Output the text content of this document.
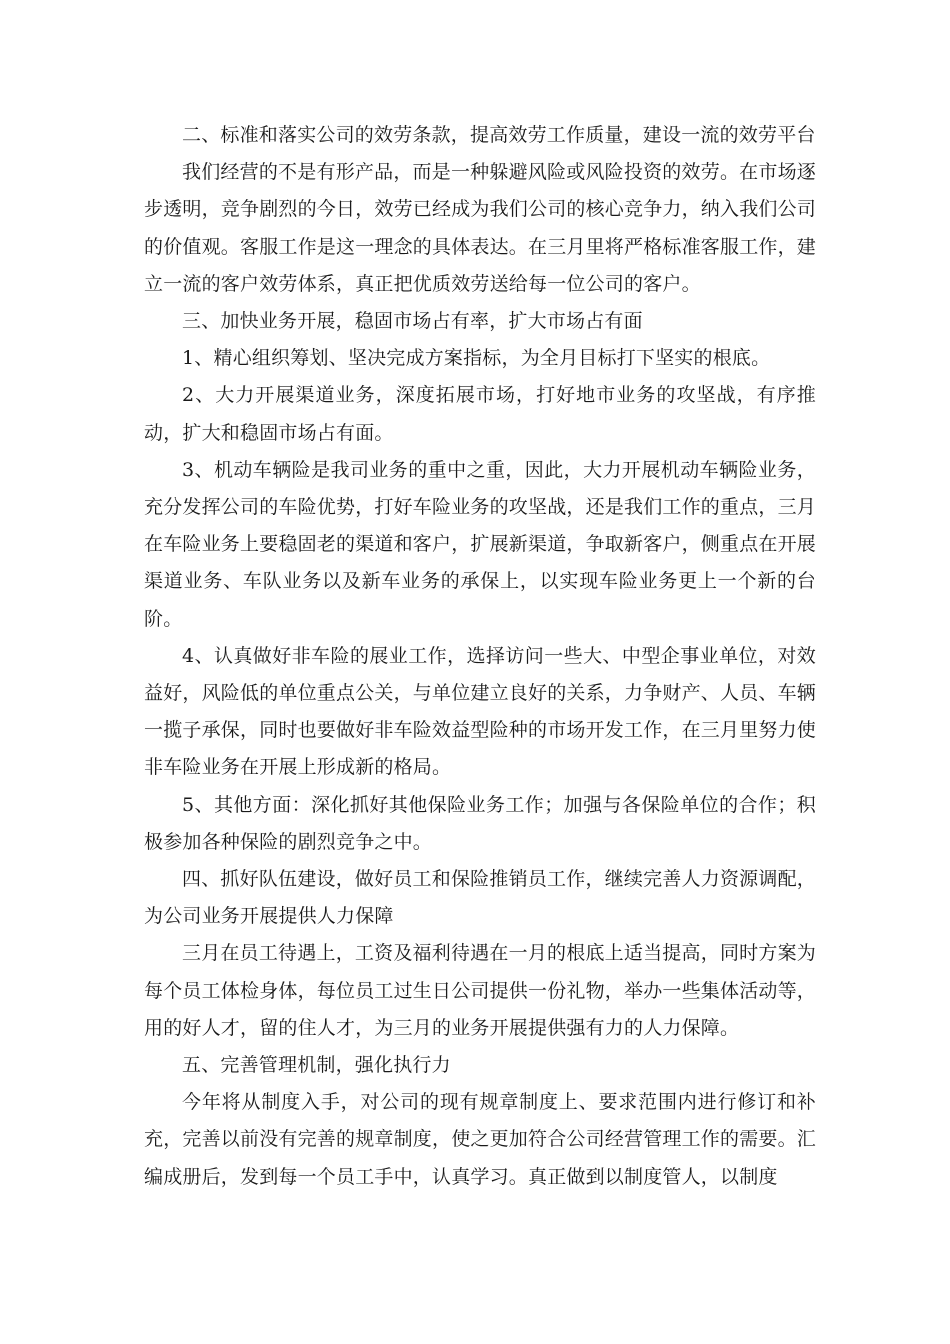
二、标准和落实公司的效劳条款，提高效劳工作质量，建设一流的效劳平台

我们经营的不是有形产品，而是一种躲避风险或风险投资的效劳。在市场逐步透明，竞争剧烈的今日，效劳已经成为我们公司的核心竞争力，纳入我们公司的价值观。客服工作是这一理念的具体表达。在三月里将严格标准客服工作，建立一流的客户效劳体系，真正把优质效劳送给每一位公司的客户。

三、加快业务开展，稳固市场占有率，扩大市场占有面

1、精心组织筹划、坚决完成方案指标，为全月目标打下坚实的根底。

2、大力开展渠道业务，深度拓展市场，打好地市业务的攻坚战，有序推动，扩大和稳固市场占有面。

3、机动车辆险是我司业务的重中之重，因此，大力开展机动车辆险业务，充分发挥公司的车险优势，打好车险业务的攻坚战，还是我们工作的重点，三月在车险业务上要稳固老的渠道和客户，扩展新渠道，争取新客户，侧重点在开展渠道业务、车队业务以及新车业务的承保上，以实现车险业务更上一个新的台阶。

4、认真做好非车险的展业工作，选择访问一些大、中型企事业单位，对效益好，风险低的单位重点公关，与单位建立良好的关系，力争财产、人员、车辆一揽子承保，同时也要做好非车险效益型险种的市场开发工作，在三月里努力使非车险业务在开展上形成新的格局。

5、其他方面：深化抓好其他保险业务工作；加强与各保险单位的合作；积极参加各种保险的剧烈竞争之中。

四、抓好队伍建设，做好员工和保险推销员工作，继续完善人力资源调配，为公司业务开展提供人力保障

三月在员工待遇上，工资及福利待遇在一月的根底上适当提高，同时方案为每个员工体检身体，每位员工过生日公司提供一份礼物，举办一些集体活动等，用的好人才，留的住人才，为三月的业务开展提供强有力的人力保障。

五、完善管理机制，强化执行力

今年将从制度入手，对公司的现有规章制度上、要求范围内进行修订和补充，完善以前没有完善的规章制度，使之更加符合公司经营管理工作的需要。汇编成册后，发到每一个员工手中，认真学习。真正做到以制度管人，以制度
